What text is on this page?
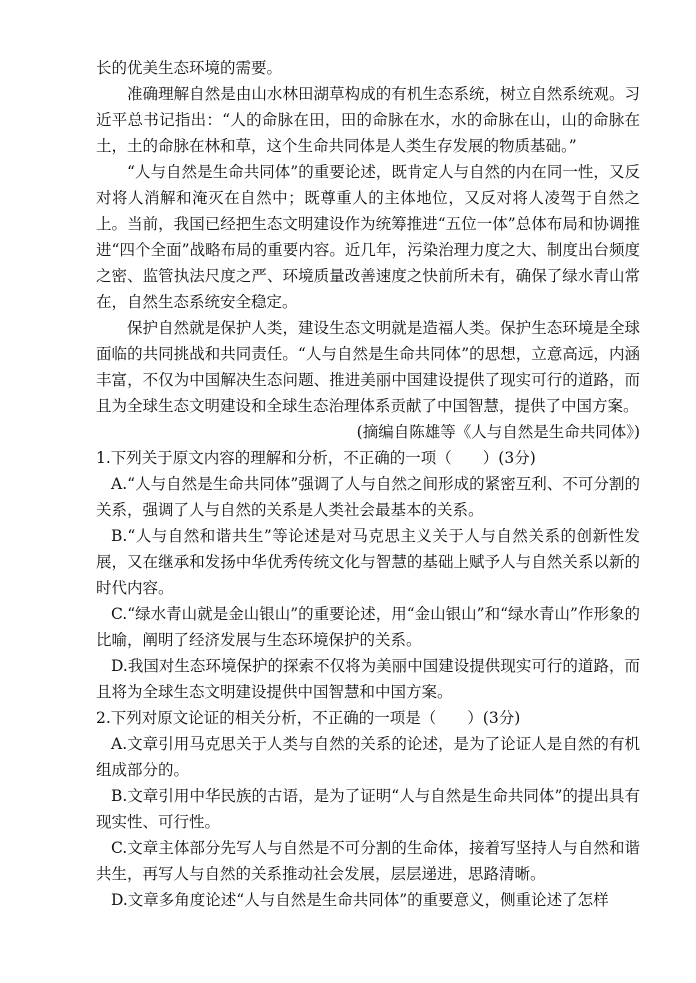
长的优美生态环境的需要。

准确理解自然是由山水林田湖草构成的有机生态系统，树立自然系统观。习近平总书记指出：“人的命脉在田，田的命脉在水，水的命脉在山，山的命脉在土，土的命脉在林和草，这个生命共同体是人类生存发展的物质基础。”

“人与自然是生命共同体”的重要论述，既肯定人与自然的内在同一性，又反对将人消解和淹灭在自然中；既尊重人的主体地位，又反对将人凌驾于自然之上。当前，我国已经把生态文明建设作为统筹推进“五位一体”总体布局和协调推进“四个全面”战略布局的重要内容。近几年，污染治理力度之大、制度出台频度之密、监管执法尺度之严、环境质量改善速度之快前所未有，确保了绿水青山常在，自然生态系统安全稳定。

保护自然就是保护人类，建设生态文明就是造福人类。保护生态环境是全球面临的共同挑战和共同责任。“人与自然是生命共同体”的思想，立意高远，内涵丰富，不仅为中国解决生态问题、推进美丽中国建设提供了现实可行的道路，而且为全球生态文明建设和全球生态治理体系贡献了中国智慧，提供了中国方案。

(摘编自陈雄等《人与自然是生命共同体》)

1.下列关于原文内容的理解和分析，不正确的一项（　　）(3分)

A.“人与自然是生命共同体”强调了人与自然之间形成的紧密互利、不可分割的关系，强调了人与自然的关系是人类社会最基本的关系。

B.“人与自然和谐共生”等论述是对马克思主义关于人与自然关系的创新性发展，又在继承和发扬中华优秀传统文化与智慧的基础上赋予人与自然关系以新的时代内容。

C.“绿水青山就是金山银山”的重要论述，用“金山银山”和“绿水青山”作形象的比喻，阐明了经济发展与生态环境保护的关系。

D.我国对生态环境保护的探索不仅将为美丽中国建设提供现实可行的道路，而且将为全球生态文明建设提供中国智慧和中国方案。

2.下列对原文论证的相关分析，不正确的一项是（　　）(3分)

A.文章引用马克思关于人类与自然的关系的论述，是为了论证人是自然的有机组成部分的。

B.文章引用中华民族的古语，是为了证明“人与自然是生命共同体”的提出具有现实性、可行性。

C.文章主体部分先写人与自然是不可分割的生命体，接着写坚持人与自然和谐共生，再写人与自然的关系推动社会发展，层层递进，思路清晰。

D.文章多角度论述“人与自然是生命共同体”的重要意义，侧重论述了怎样
